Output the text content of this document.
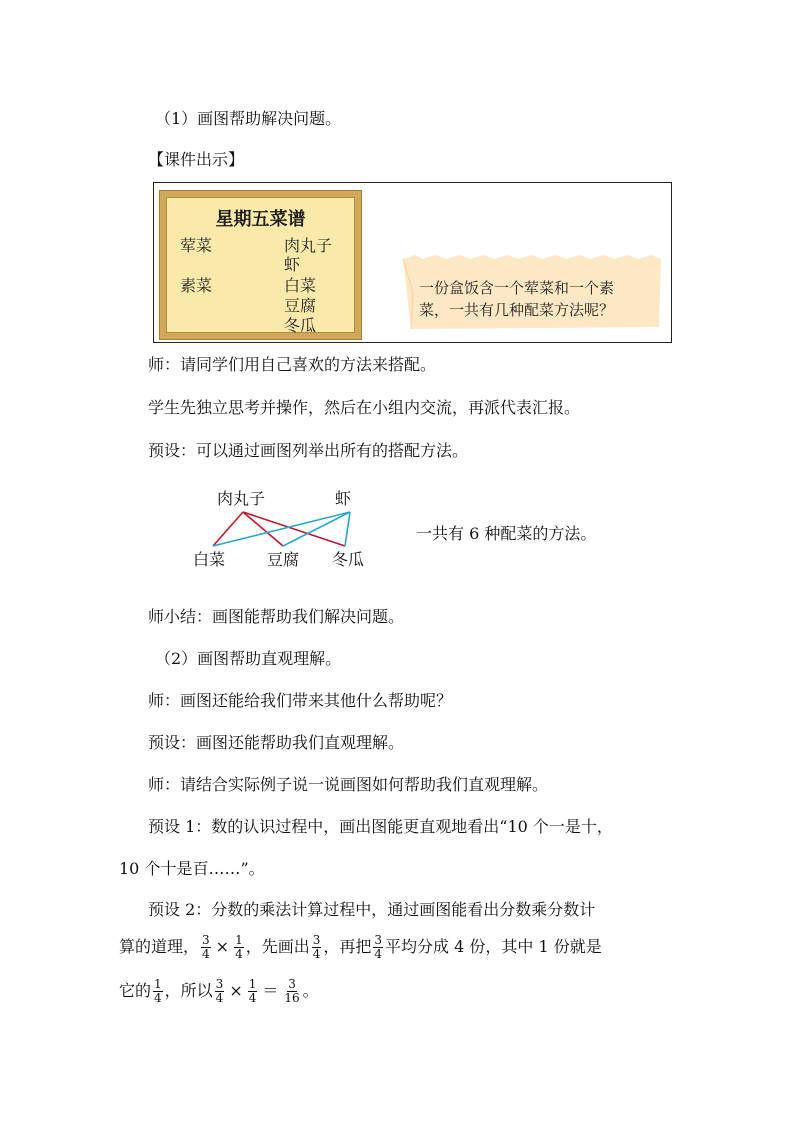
（1）画图帮助解决问题。
【课件出示】
星期五菜谱
荤菜	肉丸子
虾
素菜	白菜
豆腐
冬瓜
一份盒饭含一个荤菜和一个素
菜，一共有几种配菜方法呢？
师：请同学们用自己喜欢的方法来搭配。
学生先独立思考并操作，然后在小组内交流，再派代表汇报。
预设：可以通过画图列举出所有的搭配方法。
肉丸子	虾
白菜	豆腐 冬瓜
一共有 6 种配菜的方法。
师小结：画图能帮助我们解决问题。
（2）画图帮助直观理解。
师：画图还能给我们带来其他什么帮助呢？
预设：画图还能帮助我们直观理解。
师：请结合实际例子说一说画图如何帮助我们直观理解。
预设 1：数的认识过程中，画出图能更直观地看出“10 个一是十，
10 个十是百……”。
预设 2：分数的乘法计算过程中，通过画图能看出分数乘分数计
算的道理， $\frac{3}{4} \times \frac{1}{4}$ ，先画出 $\frac{3}{4}$ ，再把 $\frac{3}{4}$ 平均分成 4 份，其中 1 份就是
它的 $\frac{1}{4}$ ，所以 $\frac{3}{4} \times \frac{1}{4} = \frac{3}{16}$ 。
